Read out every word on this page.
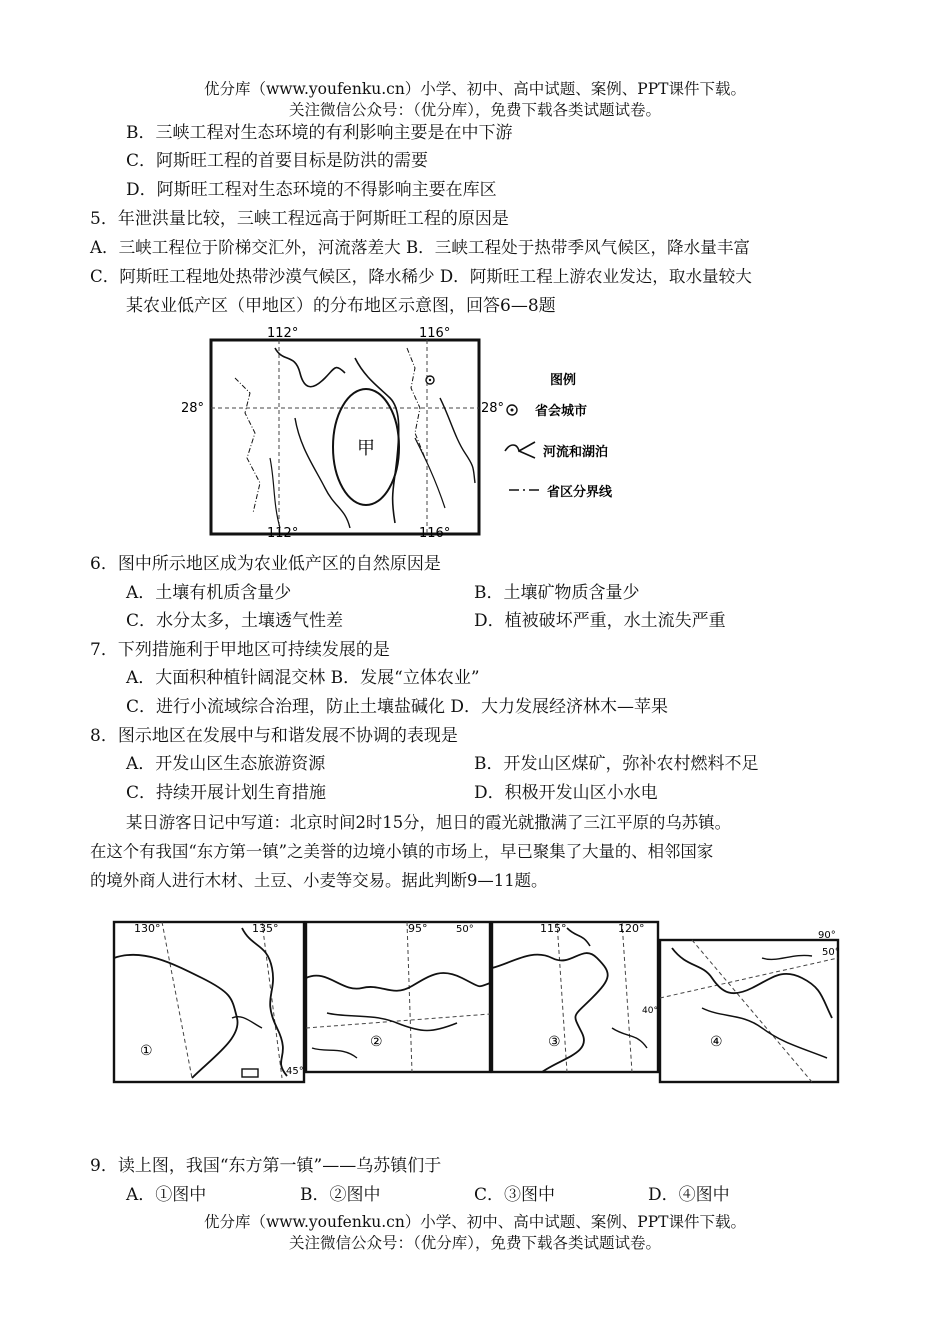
优分库（www.youfenku.cn）小学、初中、高中试题、案例、PPT课件下载。
关注微信公众号：（优分库），免费下载各类试题试卷。
B．三峡工程对生态环境的有利影响主要是在中下游
C．阿斯旺工程的首要目标是防洪的需要
D．阿斯旺工程对生态环境的不得影响主要在库区
5．年泄洪量比较，三峡工程远高于阿斯旺工程的原因是
A．三峡工程位于阶梯交汇外，河流落差大 B．三峡工程处于热带季风气候区，降水量丰富
C．阿斯旺工程地处热带沙漠气候区，降水稀少 D．阿斯旺工程上游农业发达，取水量较大
某农业低产区（甲地区）的分布地区示意图，回答6—8题
112°	116°
112°	116°
28°	28°
甲
图例
省会城市
河流和湖泊
省区分界线
6．图中所示地区成为农业低产区的自然原因是
A．土壤有机质含量少	B．土壤矿物质含量少
C．水分太多，土壤透气性差	D．植被破坏严重，水土流失严重
7．下列措施利于甲地区可持续发展的是
A．大面积种植针阔混交林 B．发展“立体农业”
C．进行小流域综合治理，防止土壤盐碱化 D．大力发展经济林木—苹果
8．图示地区在发展中与和谐发展不协调的表现是
A．开发山区生态旅游资源	B．开发山区煤矿，弥补农村燃料不足
C．持续开展计划生育措施	D．积极开发山区小水电
某日游客日记中写道：北京时间2时15分，旭日的霞光就撒满了三江平原的乌苏镇。
在这个有我国“东方第一镇”之美誉的边境小镇的市场上，早已聚集了大量的、相邻国家
的境外商人进行木材、土豆、小麦等交易。据此判断9—11题。
130°	135°
45°
①
95°	50°
②
115°	120°
40°
③
90°
50°
④
9．读上图，我国“东方第一镇”——乌苏镇们于
A．①图中	B．②图中	C．③图中	D．④图中
优分库（www.youfenku.cn）小学、初中、高中试题、案例、PPT课件下载。
关注微信公众号：（优分库），免费下载各类试题试卷。
